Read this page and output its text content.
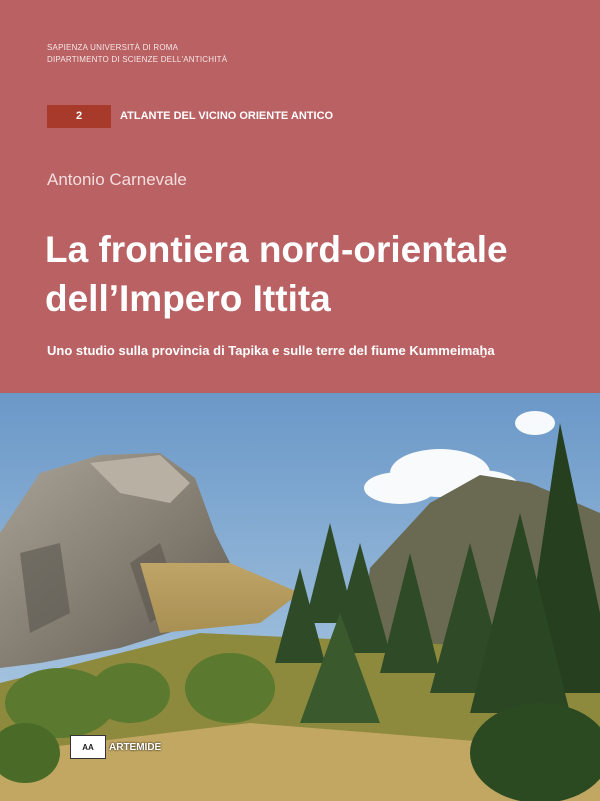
SAPIENZA UNIVERSITÀ DI ROMA
DIPARTIMENTO DI SCIENZE DELL'ANTICHITÀ
2	ATLANTE DEL VICINO ORIENTE ANTICO
Antonio Carnevale
La frontiera nord-orientale
dell’Impero Ittita
Uno studio sulla provincia di Tapika e sulle terre del fiume Kummeimaḫa
AA	ARTEMIDE
